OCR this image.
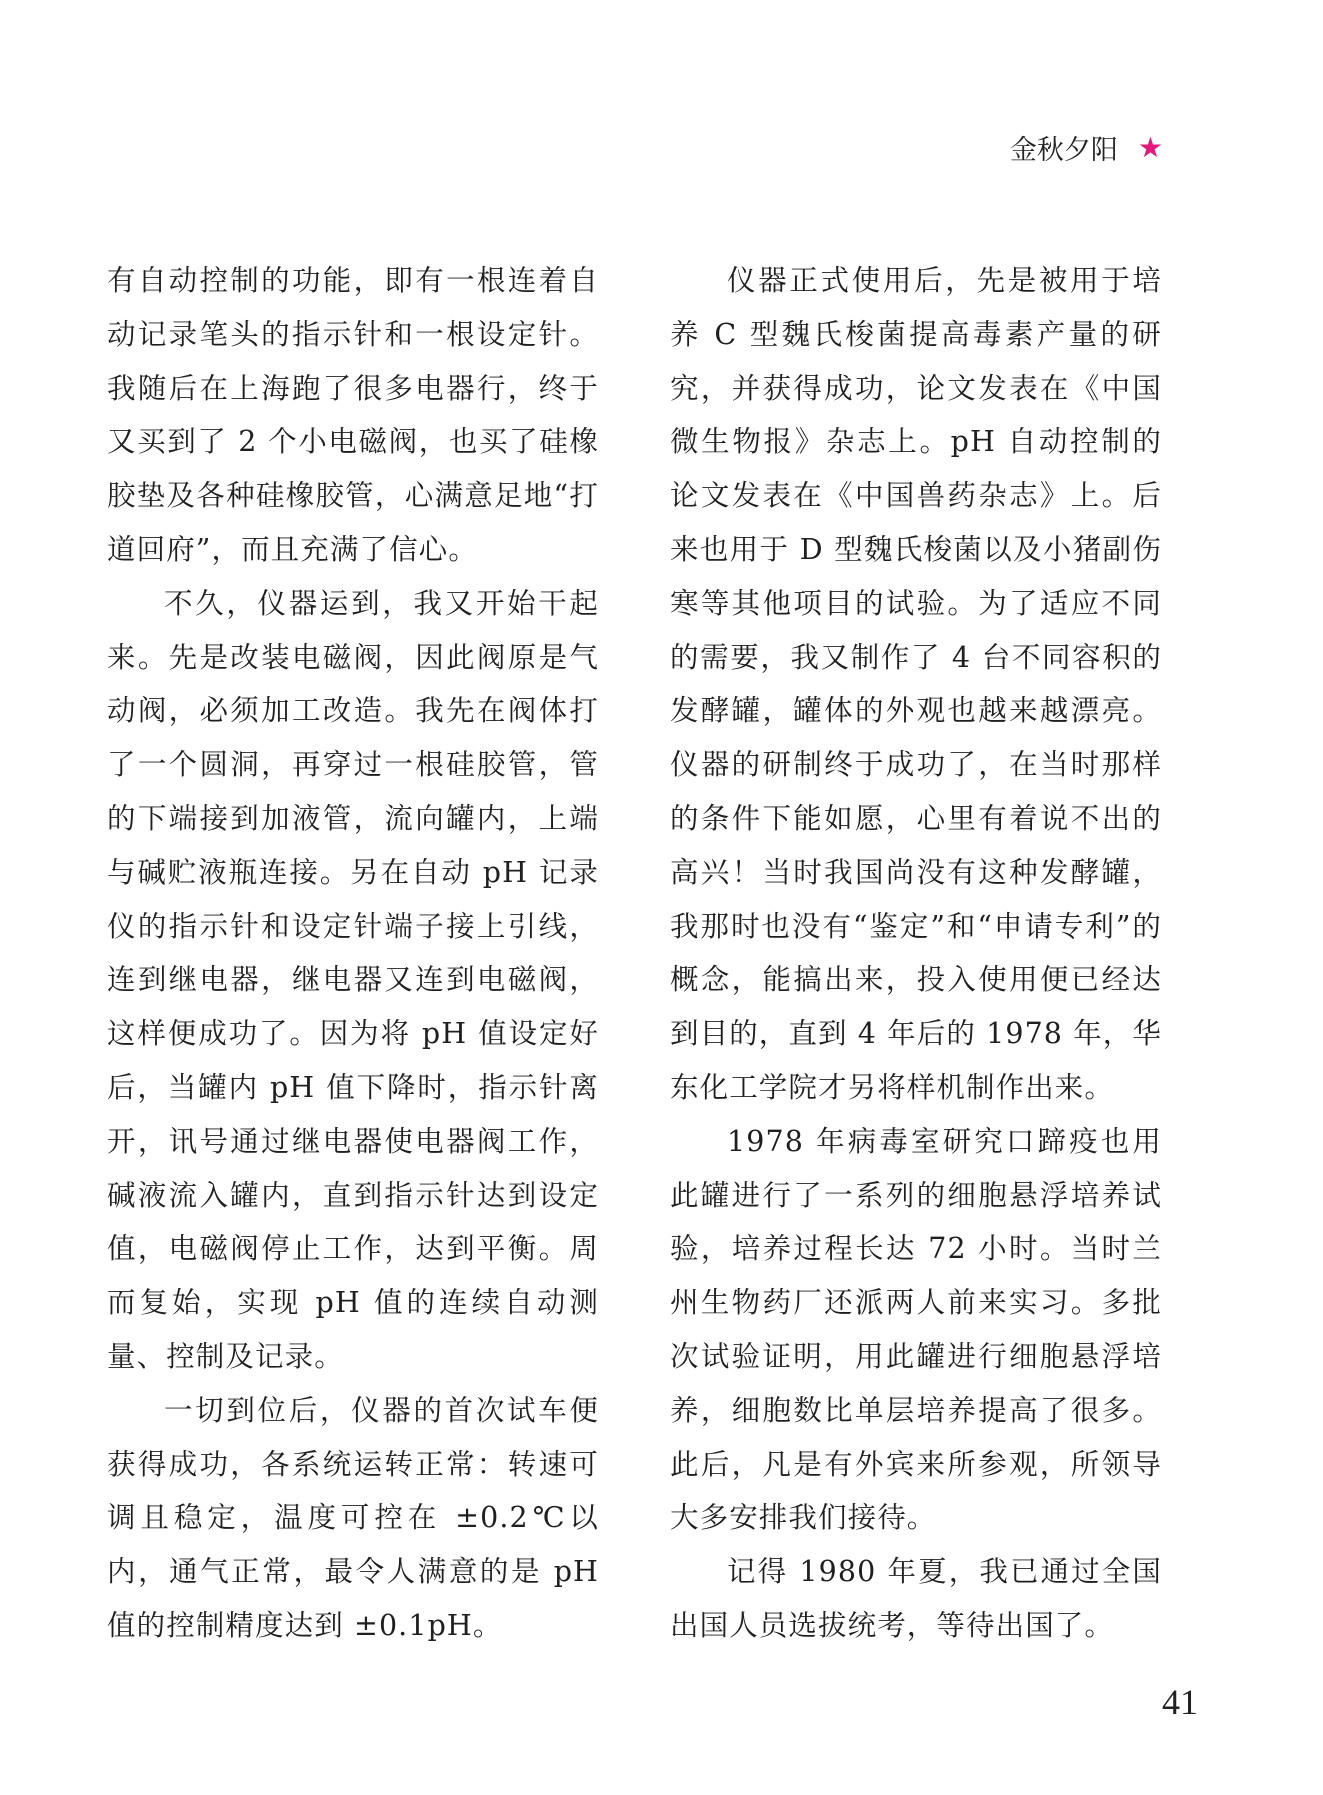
金秋夕阳 ★

有自动控制的功能，即有一根连着自动记录笔头的指示针和一根设定针。我随后在上海跑了很多电器行，终于又买到了 2 个小电磁阀，也买了硅橡胶垫及各种硅橡胶管，心满意足地“打道回府”，而且充满了信心。

不久，仪器运到，我又开始干起来。先是改装电磁阀，因此阀原是气动阀，必须加工改造。我先在阀体打了一个圆洞，再穿过一根硅胶管，管的下端接到加液管，流向罐内，上端与碱贮液瓶连接。另在自动 pH 记录仪的指示针和设定针端子接上引线，连到继电器，继电器又连到电磁阀，这样便成功了。因为将 pH 值设定好后，当罐内 pH 值下降时，指示针离开，讯号通过继电器使电器阀工作，碱液流入罐内，直到指示针达到设定值，电磁阀停止工作，达到平衡。周而复始，实现 pH 值的连续自动测量、控制及记录。

一切到位后，仪器的首次试车便获得成功，各系统运转正常：转速可调且稳定，温度可控在 ±0.2℃以内，通气正常，最令人满意的是 pH 值的控制精度达到 ±0.1pH。

仪器正式使用后，先是被用于培养 C 型魏氏梭菌提高毒素产量的研究，并获得成功，论文发表在《中国微生物报》杂志上。pH 自动控制的论文发表在《中国兽药杂志》上。后来也用于 D 型魏氏梭菌以及小猪副伤寒等其他项目的试验。为了适应不同的需要，我又制作了 4 台不同容积的发酵罐，罐体的外观也越来越漂亮。仪器的研制终于成功了，在当时那样的条件下能如愿，心里有着说不出的高兴！当时我国尚没有这种发酵罐，我那时也没有“鉴定”和“申请专利”的概念，能搞出来，投入使用便已经达到目的，直到 4 年后的 1978 年，华东化工学院才另将样机制作出来。

1978 年病毒室研究口蹄疫也用此罐进行了一系列的细胞悬浮培养试验，培养过程长达 72 小时。当时兰州生物药厂还派两人前来实习。多批次试验证明，用此罐进行细胞悬浮培养，细胞数比单层培养提高了很多。此后，凡是有外宾来所参观，所领导大多安排我们接待。

记得 1980 年夏，我已通过全国出国人员选拔统考，等待出国了。

41
